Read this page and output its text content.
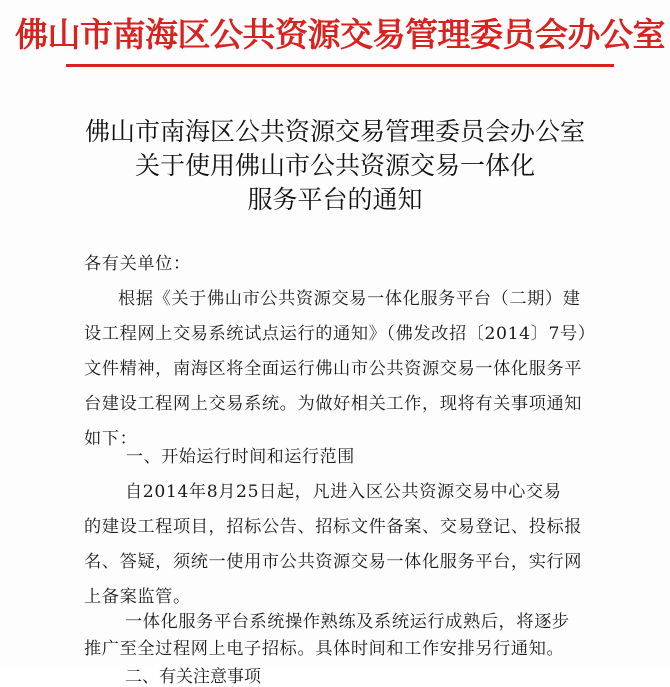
佛山市南海区公共资源交易管理委员会办公室
佛山市南海区公共资源交易管理委员会办公室
关于使用佛山市公共资源交易一体化
服务平台的通知
各有关单位：
根据《关于佛山市公共资源交易一体化服务平台（二期）建
设工程网上交易系统试点运行的通知》（佛发改招〔2014〕7号）
文件精神，南海区将全面运行佛山市公共资源交易一体化服务平
台建设工程网上交易系统。为做好相关工作，现将有关事项通知
如下：
一、开始运行时间和运行范围
自2014年8月25日起，凡进入区公共资源交易中心交易
的建设工程项目，招标公告、招标文件备案、交易登记、投标报
名、答疑，须统一使用市公共资源交易一体化服务平台，实行网
上备案监管。
一体化服务平台系统操作熟练及系统运行成熟后，将逐步
推广至全过程网上电子招标。具体时间和工作安排另行通知。
二、有关注意事项
